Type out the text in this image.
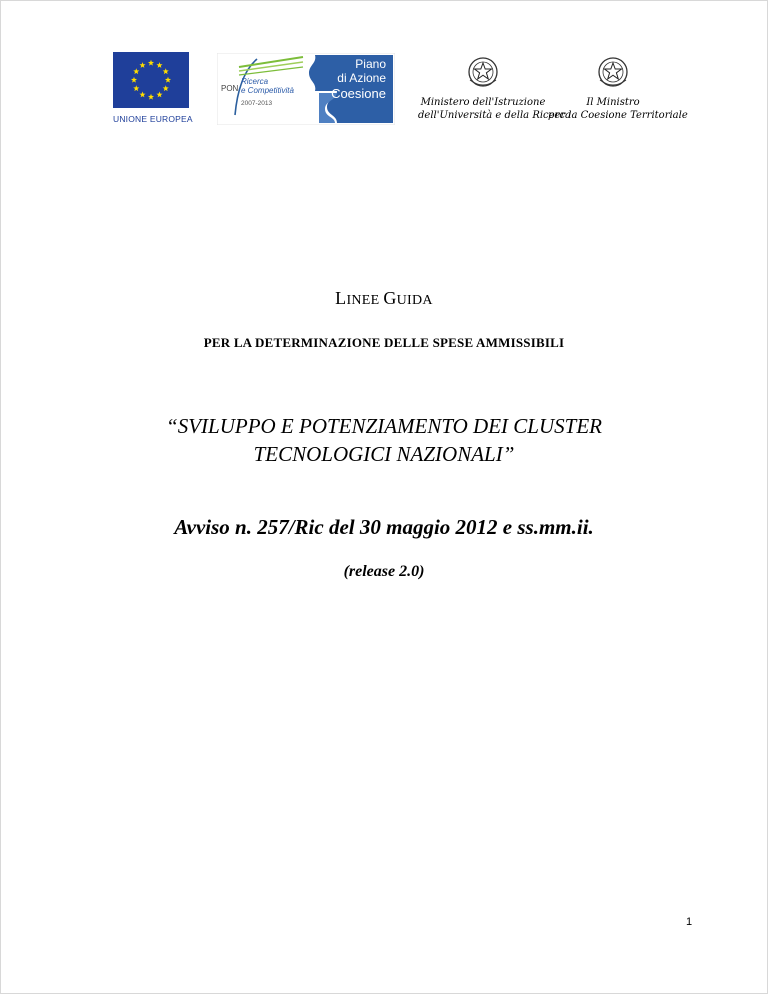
UNIONE EUROPEA
Ricerca
e Competitività
PON
2007-2013
Piano
di Azione
Coesione
Ministero dell'Istruzione
dell'Università e della Ricerca
Il Ministro
per la Coesione Territoriale
LINEE GUIDA
PER LA DETERMINAZIONE DELLE SPESE AMMISSIBILI
“SVILUPPO E POTENZIAMENTO DEI CLUSTER
TECNOLOGICI NAZIONALI”
Avviso n. 257/Ric del 30 maggio 2012 e ss.mm.ii.
(release 2.0)
1
